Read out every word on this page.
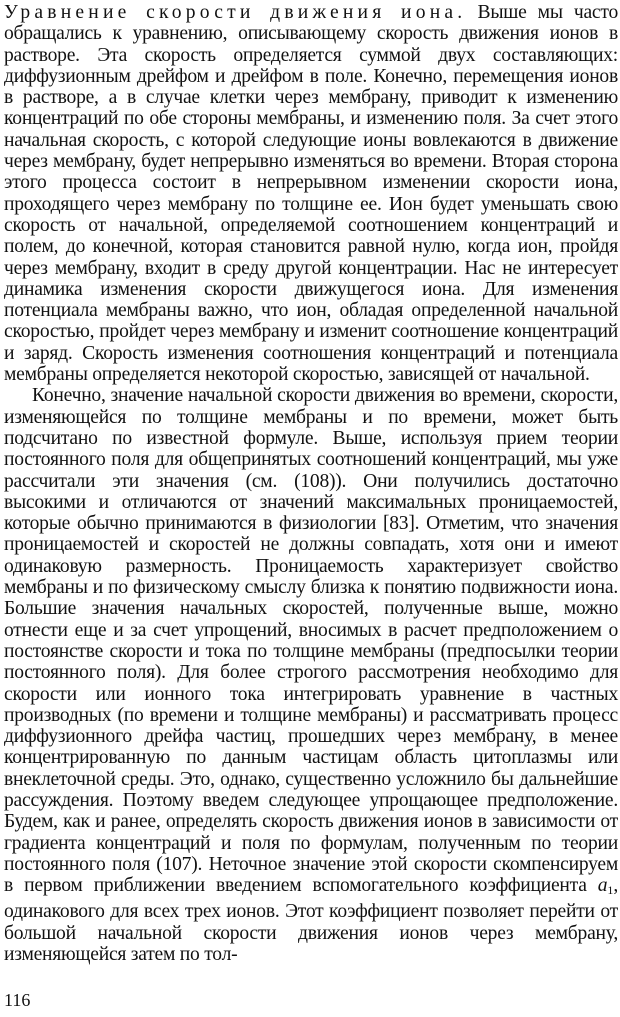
Уравнение скорости движения иона. Выше мы часто обращались к уравнению, описывающему скорость движения ионов в растворе. Эта скорость определяется суммой двух составляющих: диффузионным дрейфом и дрейфом в поле. Конечно, перемещения ионов в растворе, а в случае клетки через мембрану, приводит к изменению концентраций по обе стороны мембраны, и изменению поля. За счет этого начальная скорость, с которой следующие ионы вовлекаются в движение через мембрану, будет непрерывно изменяться во времени. Вторая сторона этого процесса состоит в непрерывном изменении скорости иона, проходящего через мембрану по толщине ее. Ион будет уменьшать свою скорость от начальной, определяемой соотношением концентраций и полем, до конечной, которая становится равной нулю, когда ион, пройдя через мембрану, входит в среду другой концентрации. Нас не интересует динамика изменения скорости движущегося иона. Для изменения потенциала мембраны важно, что ион, обладая определенной начальной скоростью, пройдет через мембрану и изменит соотношение концентраций и заряд. Скорость изменения соотношения концентраций и потенциала мембраны определяется некоторой скоростью, зависящей от начальной.

Конечно, значение начальной скорости движения во времени, скорости, изменяющейся по толщине мембраны и по времени, может быть подсчитано по известной формуле. Выше, используя прием теории постоянного поля для общепринятых соотношений концентраций, мы уже рассчитали эти значения (см. (108)). Они получились достаточно высокими и отличаются от значений максимальных проницаемостей, которые обычно принимаются в физиологии [83]. Отметим, что значения проницаемостей и скоростей не должны совпадать, хотя они и имеют одинаковую размерность. Проницаемость характеризует свойство мембраны и по физическому смыслу близка к понятию подвижности иона. Большие значения начальных скоростей, полученные выше, можно отнести еще и за счет упрощений, вносимых в расчет предположением о постоянстве скорости и тока по толщине мембраны (предпосылки теории постоянного поля). Для более строгого рассмотрения необходимо для скорости или ионного тока интегрировать уравнение в частных производных (по времени и толщине мембраны) и рассматривать процесс диффузионного дрейфа частиц, прошедших через мембрану, в менее концентрированную по данным частицам область цитоплазмы или внеклеточной среды. Это, однако, существенно усложнило бы дальнейшие рассуждения. Поэтому введем следующее упрощающее предположение. Будем, как и ранее, определять скорость движения ионов в зависимости от градиента концентраций и поля по формулам, полученным по теории постоянного поля (107). Неточное значение этой скорости скомпенсируем в первом приближении введением вспомогательного коэффициента $a_1$, одинакового для всех трех ионов. Этот коэффициент позволяет перейти от большой начальной скорости движения ионов через мембрану, изменяющейся затем по тол-

116
